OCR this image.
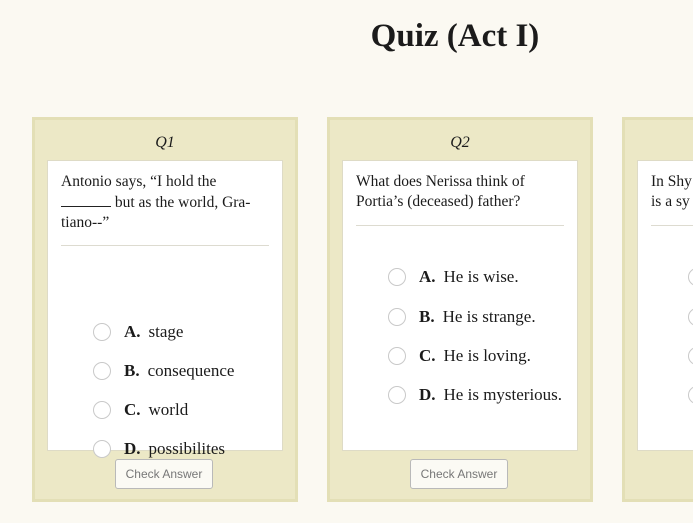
Quiz (Act I)
Q1
Antonio says, “I hold the
but as the world, Gra-
tiano--”
A. stage
B. consequence
C. world
D. possibilites
Check Answer
Q2
What does Nerissa think of
Portia’s (deceased) father?
A. He is wise.
B. He is strange.
C. He is loving.
D. He is mysterious.
Check Answer
In Shy
is a sy
